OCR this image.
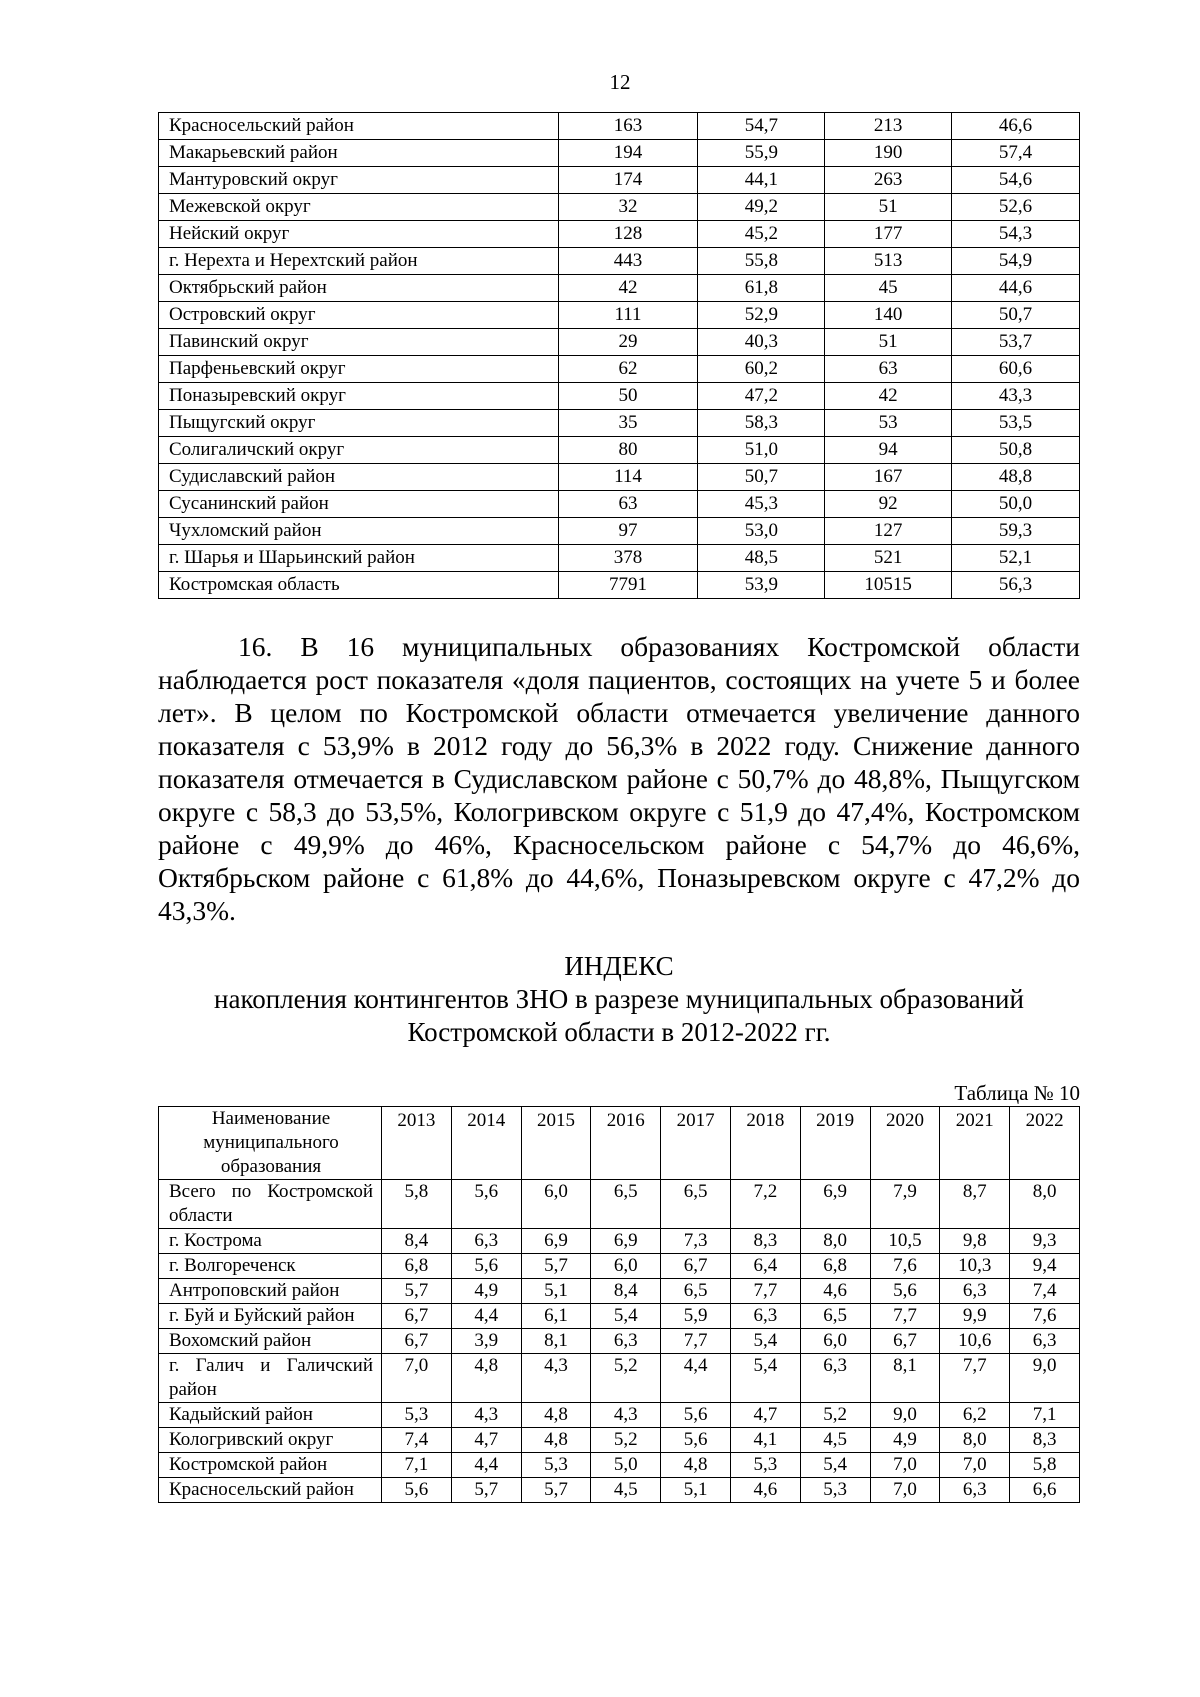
12
Красносельский район	163	54,7	213	46,6
Макарьевский район	194	55,9	190	57,4
Мантуровский округ	174	44,1	263	54,6
Межевской округ	32	49,2	51	52,6
Нейский округ	128	45,2	177	54,3
г. Нерехта и Нерехтский район	443	55,8	513	54,9
Октябрьский район	42	61,8	45	44,6
Островский округ	111	52,9	140	50,7
Павинский округ	29	40,3	51	53,7
Парфеньевский округ	62	60,2	63	60,6
Поназыревский округ	50	47,2	42	43,3
Пыщугский округ	35	58,3	53	53,5
Солигаличский округ	80	51,0	94	50,8
Судиславский район	114	50,7	167	48,8
Сусанинский район	63	45,3	92	50,0
Чухломский район	97	53,0	127	59,3
г. Шарья и Шарьинский район	378	48,5	521	52,1
Костромская область	7791	53,9	10515	56,3

16. В 16 муниципальных образованиях Костромской области наблюдается рост показателя «доля пациентов, состоящих на учете 5 и более лет». В целом по Костромской области отмечается увеличение данного показателя с 53,9% в 2012 году до 56,3% в 2022 году. Снижение данного показателя отмечается в Судиславском районе с 50,7% до 48,8%, Пыщугском округе с 58,3 до 53,5%, Кологривском округе с 51,9 до 47,4%, Костромском районе с 49,9% до 46%, Красносельском районе с 54,7% до 46,6%, Октябрьском районе с 61,8% до 44,6%, Поназыревском округе с 47,2% до 43,3%.

ИНДЕКС
накопления контингентов ЗНО в разрезе муниципальных образований
Костромской области в 2012-2022 гг.
Таблица № 10
Наименование муниципального образования	2013	2014	2015	2016	2017	2018	2019	2020	2021	2022
Всего по Костромской области	5,8	5,6	6,0	6,5	6,5	7,2	6,9	7,9	8,7	8,0
г. Кострома	8,4	6,3	6,9	6,9	7,3	8,3	8,0	10,5	9,8	9,3
г. Волгореченск	6,8	5,6	5,7	6,0	6,7	6,4	6,8	7,6	10,3	9,4
Антроповский район	5,7	4,9	5,1	8,4	6,5	7,7	4,6	5,6	6,3	7,4
г. Буй и Буйский район	6,7	4,4	6,1	5,4	5,9	6,3	6,5	7,7	9,9	7,6
Вохомский район	6,7	3,9	8,1	6,3	7,7	5,4	6,0	6,7	10,6	6,3
г. Галич и Галичский район	7,0	4,8	4,3	5,2	4,4	5,4	6,3	8,1	7,7	9,0
Кадыйский район	5,3	4,3	4,8	4,3	5,6	4,7	5,2	9,0	6,2	7,1
Кологривский округ	7,4	4,7	4,8	5,2	5,6	4,1	4,5	4,9	8,0	8,3
Костромской район	7,1	4,4	5,3	5,0	4,8	5,3	5,4	7,0	7,0	5,8
Красносельский район	5,6	5,7	5,7	4,5	5,1	4,6	5,3	7,0	6,3	6,6
